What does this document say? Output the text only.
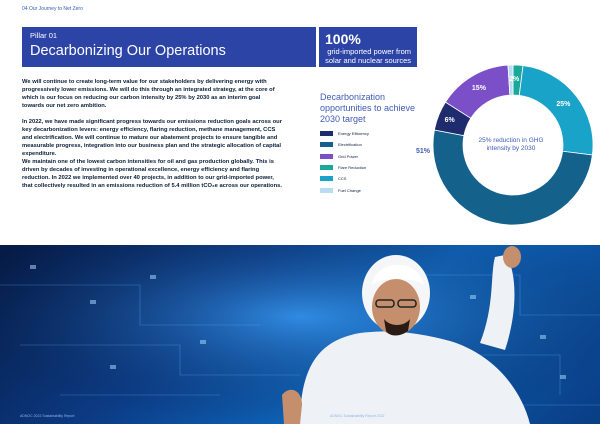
04 Our Journey to Net Zero
Pillar 01
Decarbonizing Our Operations
100%
grid-imported power from solar and nuclear sources
We will continue to create long-term value for our stakeholders by delivering energy with progressively lower emissions. We will do this through an integrated strategy, at the core of which is our focus on reducing our carbon intensity by 25% by 2030 as an interim goal towards our net zero ambition.
In 2022, we have made significant progress towards our emissions reduction goals across our key decarbonization levers: energy efficiency, flaring reduction, methane management, CCS and electrification. We will continue to mature our abatement projects to ensure tangible and measurable progress, integration into our business plan and the strategic allocation of capital expenditure.
We maintain one of the lowest carbon intensities for oil and gas production globally. This is driven by decades of investing in operational excellence, energy efficiency and flaring reduction. In 2022 we implemented over 40 projects, in addition to our grid-imported power, that collectively resulted in an emissions reduction of 5.4 million tCO₂e across our operations.
Decarbonization opportunities to achieve 2030 target
Energy Efficiency
Electrification
Grid Power
Flare Reduction
CCS
Fuel Change
25% reduction in GHG intensity by 2030
2%
25%
51%
6%
15%
ADNOC 2022 Sustainability Report	ADNOC Sustainability Report 2022
